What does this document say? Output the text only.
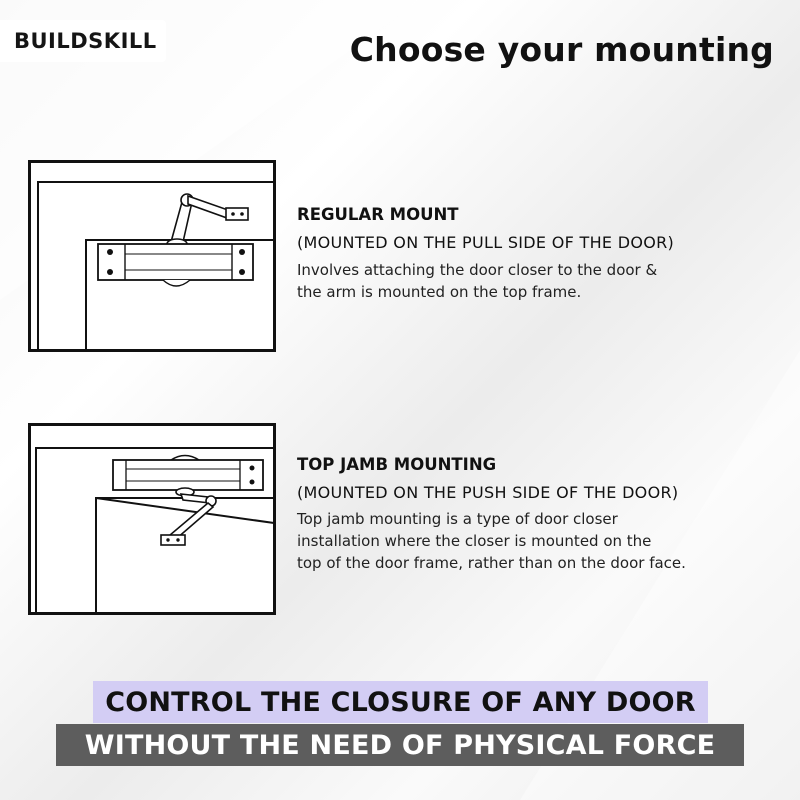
BUILDSKILL	Choose your mounting
REGULAR MOUNT
(MOUNTED ON THE PULL SIDE OF THE DOOR)
Involves attaching the door closer to the door &
the arm is mounted on the top frame.
TOP JAMB MOUNTING
(MOUNTED ON THE PUSH SIDE OF THE DOOR)
Top jamb mounting is a type of door closer
installation where the closer is mounted on the
top of the door frame, rather than on the door face.
CONTROL THE CLOSURE OF ANY DOOR
WITHOUT THE NEED OF PHYSICAL FORCE
